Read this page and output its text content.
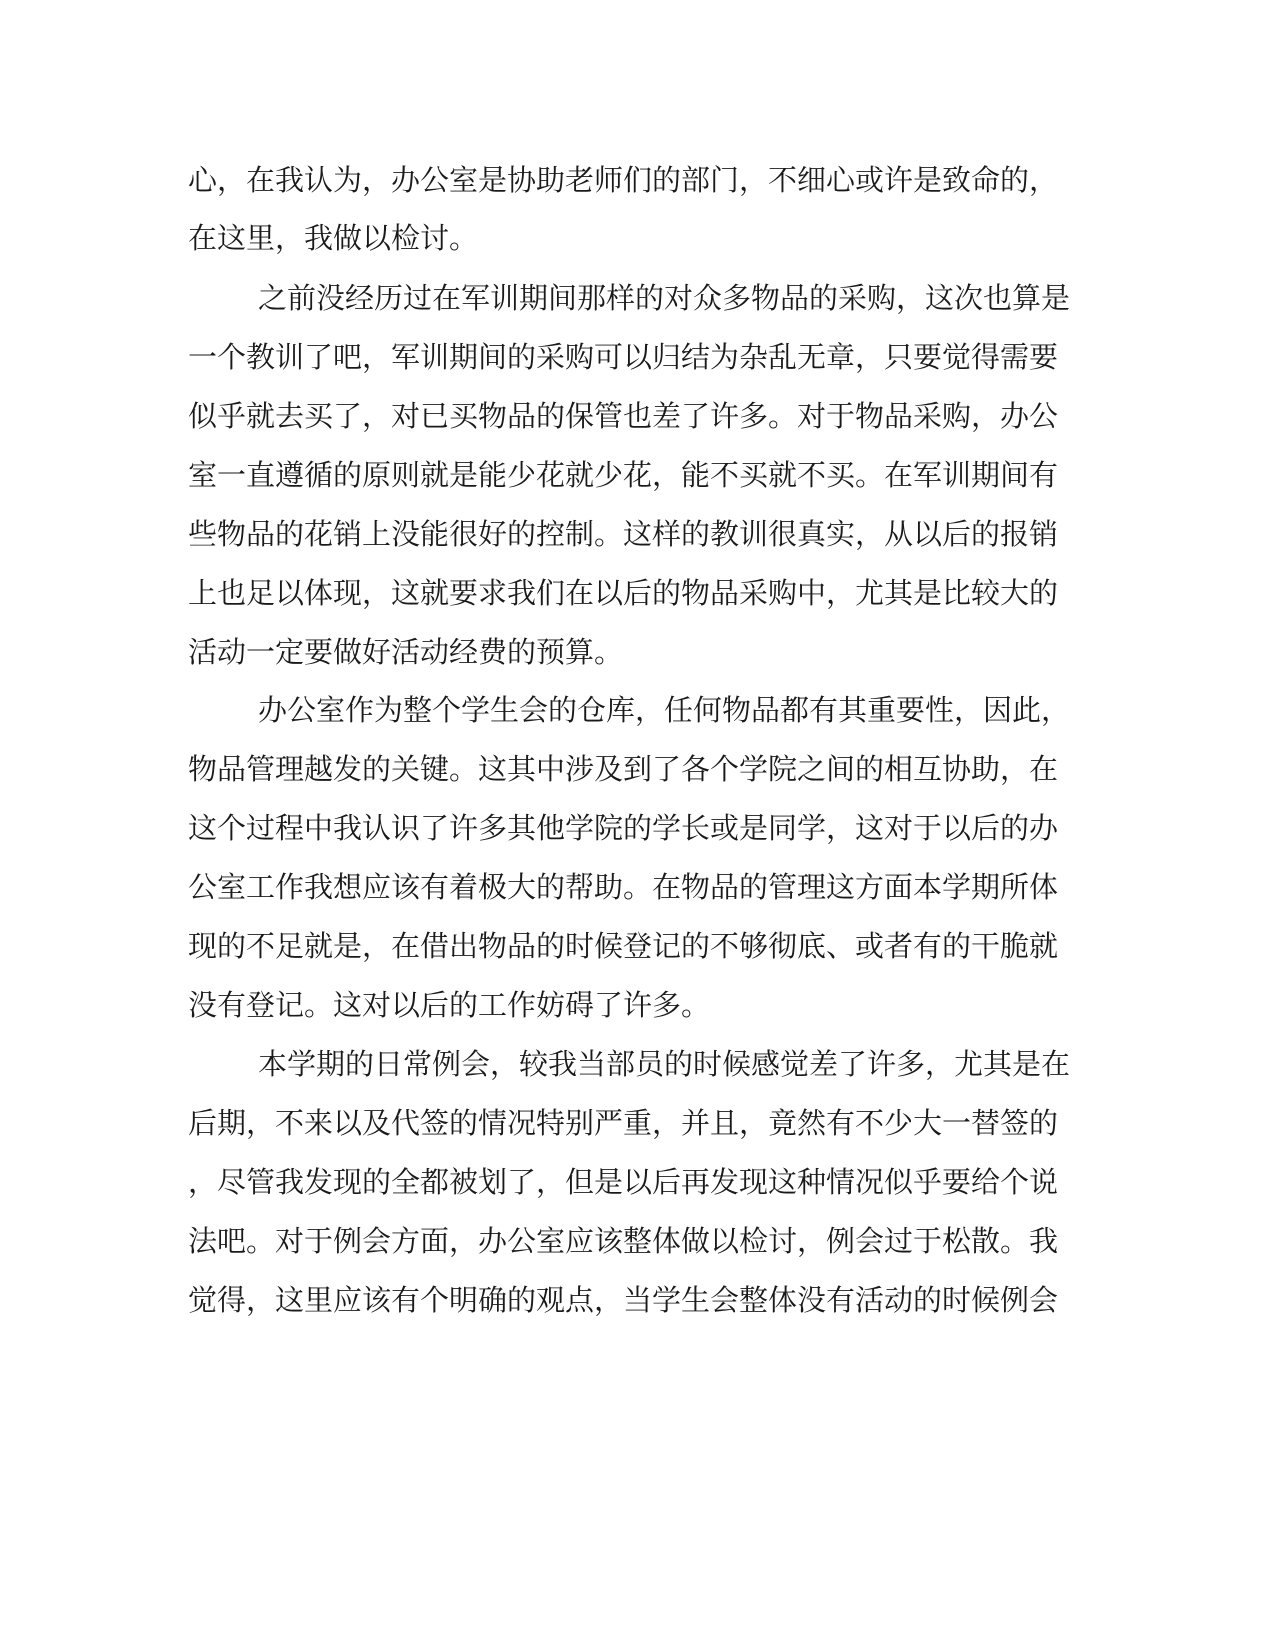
心，在我认为，办公室是协助老师们的部门，不细心或许是致命的，
在这里，我做以检讨。
之前没经历过在军训期间那样的对众多物品的采购，这次也算是
一个教训了吧，军训期间的采购可以归结为杂乱无章，只要觉得需要
似乎就去买了，对已买物品的保管也差了许多。对于物品采购，办公
室一直遵循的原则就是能少花就少花，能不买就不买。在军训期间有
些物品的花销上没能很好的控制。这样的教训很真实，从以后的报销
上也足以体现，这就要求我们在以后的物品采购中，尤其是比较大的
活动一定要做好活动经费的预算。
办公室作为整个学生会的仓库，任何物品都有其重要性，因此，
物品管理越发的关键。这其中涉及到了各个学院之间的相互协助，在
这个过程中我认识了许多其他学院的学长或是同学，这对于以后的办
公室工作我想应该有着极大的帮助。在物品的管理这方面本学期所体
现的不足就是，在借出物品的时候登记的不够彻底、或者有的干脆就
没有登记。这对以后的工作妨碍了许多。
本学期的日常例会，较我当部员的时候感觉差了许多，尤其是在
后期，不来以及代签的情况特别严重，并且，竟然有不少大一替签的
，尽管我发现的全都被划了，但是以后再发现这种情况似乎要给个说
法吧。对于例会方面，办公室应该整体做以检讨，例会过于松散。我
觉得，这里应该有个明确的观点，当学生会整体没有活动的时候例会
